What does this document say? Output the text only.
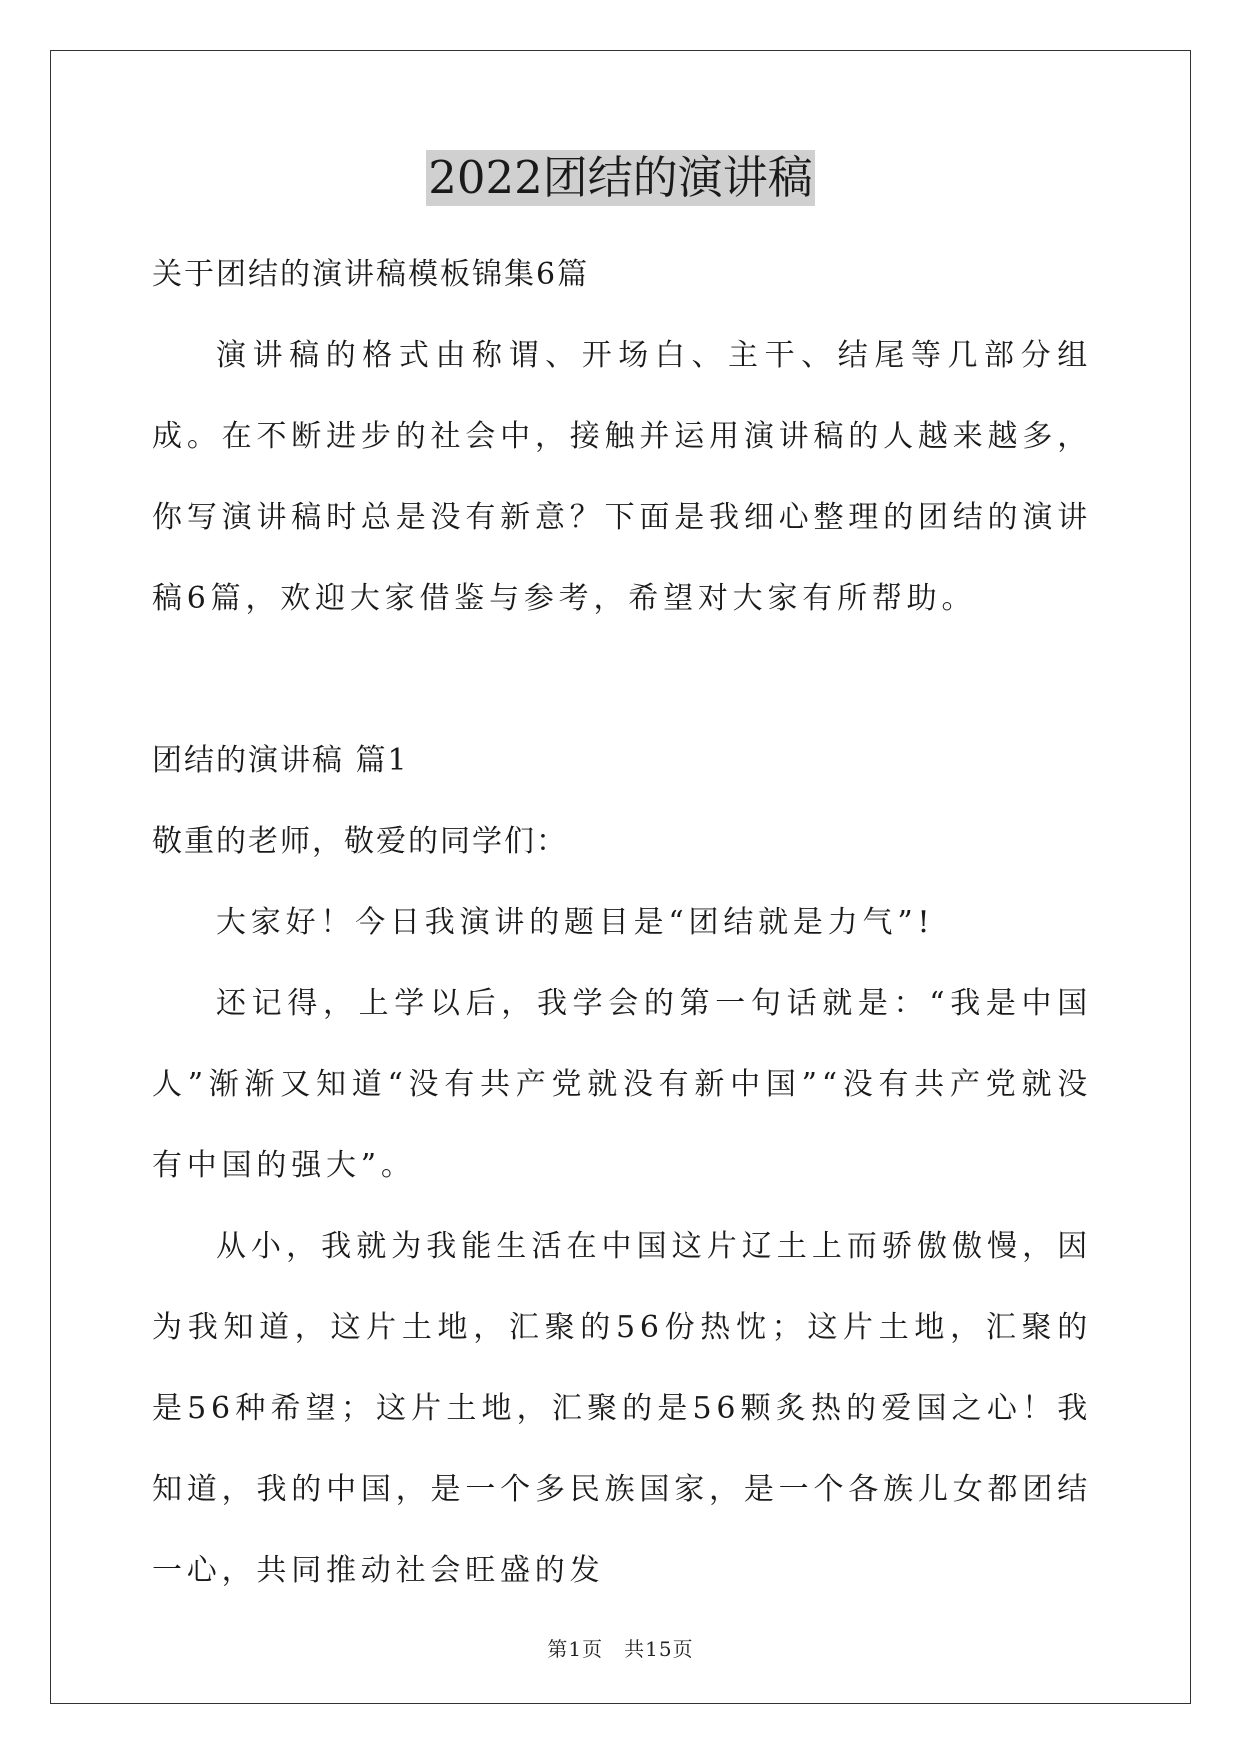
2022团结的演讲稿

关于团结的演讲稿模板锦集6篇

演讲稿的格式由称谓、开场白、主干、结尾等几部分组成。在不断进步的社会中，接触并运用演讲稿的人越来越多，你写演讲稿时总是没有新意？下面是我细心整理的团结的演讲稿6篇，欢迎大家借鉴与参考，希望对大家有所帮助。

团结的演讲稿 篇1

敬重的老师，敬爱的同学们：

大家好！今日我演讲的题目是“团结就是力气”!

还记得，上学以后，我学会的第一句话就是：“我是中国人”渐渐又知道“没有共产党就没有新中国”“没有共产党就没有中国的强大”。

从小，我就为我能生活在中国这片辽土上而骄傲傲慢，因为我知道，这片土地，汇聚的56份热忱；这片土地，汇聚的是56种希望；这片土地，汇聚的是56颗炙热的爱国之心！我知道，我的中国，是一个多民族国家，是一个各族儿女都团结一心，共同推动社会旺盛的发

第1页　共15页
